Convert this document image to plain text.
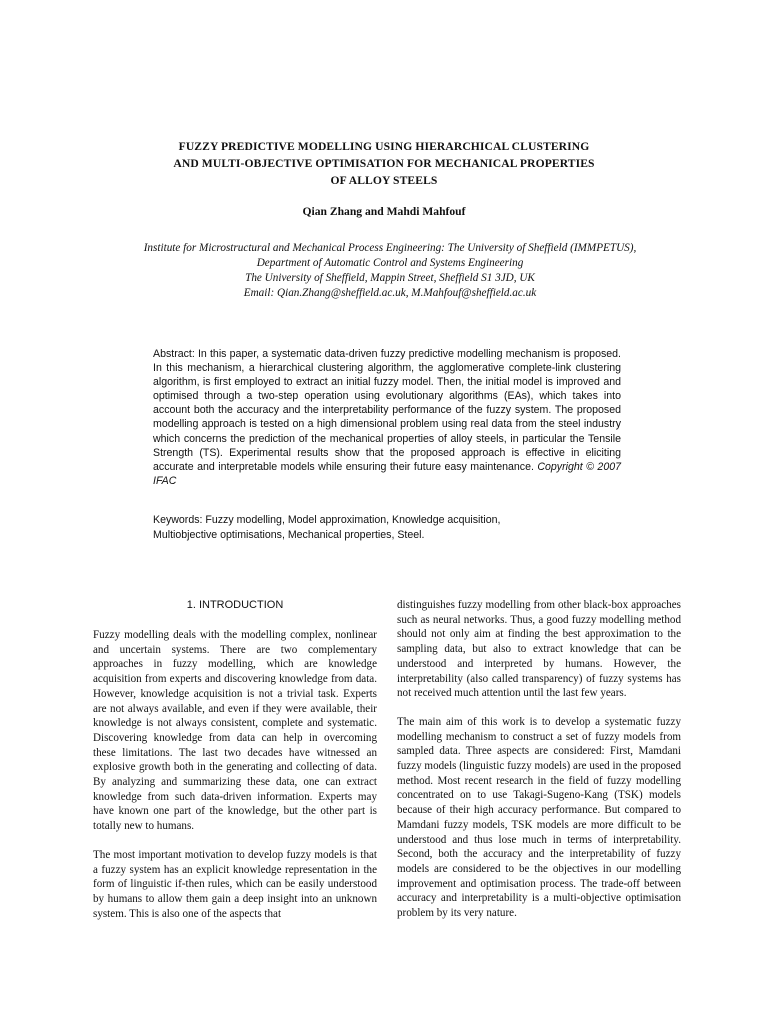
FUZZY PREDICTIVE MODELLING USING HIERARCHICAL CLUSTERING
AND MULTI-OBJECTIVE OPTIMISATION FOR MECHANICAL PROPERTIES
OF ALLOY STEELS
Qian Zhang and Mahdi Mahfouf
Institute for Microstructural and Mechanical Process Engineering: The University of Sheffield (IMMPETUS),
Department of Automatic Control and Systems Engineering
The University of Sheffield, Mappin Street, Sheffield S1 3JD, UK
Email: Qian.Zhang@sheffield.ac.uk, M.Mahfouf@sheffield.ac.uk
Abstract: In this paper, a systematic data-driven fuzzy predictive modelling mechanism is proposed. In this mechanism, a hierarchical clustering algorithm, the agglomerative complete-link clustering algorithm, is first employed to extract an initial fuzzy model. Then, the initial model is improved and optimised through a two-step operation using evolutionary algorithms (EAs), which takes into account both the accuracy and the interpretability performance of the fuzzy system. The proposed modelling approach is tested on a high dimensional problem using real data from the steel industry which concerns the prediction of the mechanical properties of alloy steels, in particular the Tensile Strength (TS). Experimental results show that the proposed approach is effective in eliciting accurate and interpretable models while ensuring their future easy maintenance. Copyright © 2007 IFAC
Keywords: Fuzzy modelling, Model approximation, Knowledge acquisition,
Multiobjective optimisations, Mechanical properties, Steel.
1. INTRODUCTION

Fuzzy modelling deals with the modelling complex, nonlinear and uncertain systems. There are two complementary approaches in fuzzy modelling, which are knowledge acquisition from experts and discovering knowledge from data. However, knowledge acquisition is not a trivial task. Experts are not always available, and even if they were available, their knowledge is not always consistent, complete and systematic. Discovering knowledge from data can help in overcoming these limitations. The last two decades have witnessed an explosive growth both in the generating and collecting of data. By analyzing and summarizing these data, one can extract knowledge from such data-driven information. Experts may have known one part of the knowledge, but the other part is totally new to humans.

The most important motivation to develop fuzzy models is that a fuzzy system has an explicit knowledge representation in the form of linguistic if-then rules, which can be easily understood by humans to allow them gain a deep insight into an unknown system. This is also one of the aspects that

distinguishes fuzzy modelling from other black-box approaches such as neural networks. Thus, a good fuzzy modelling method should not only aim at finding the best approximation to the sampling data, but also to extract knowledge that can be understood and interpreted by humans. However, the interpretability (also called transparency) of fuzzy systems has not received much attention until the last few years.

The main aim of this work is to develop a systematic fuzzy modelling mechanism to construct a set of fuzzy models from sampled data. Three aspects are considered: First, Mamdani fuzzy models (linguistic fuzzy models) are used in the proposed method. Most recent research in the field of fuzzy modelling concentrated on to use Takagi-Sugeno-Kang (TSK) models because of their high accuracy performance. But compared to Mamdani fuzzy models, TSK models are more difficult to be understood and thus lose much in terms of interpretability. Second, both the accuracy and the interpretability of fuzzy models are considered to be the objectives in our modelling improvement and optimisation process. The trade-off between accuracy and interpretability is a multi-objective optimisation problem by its very nature.
